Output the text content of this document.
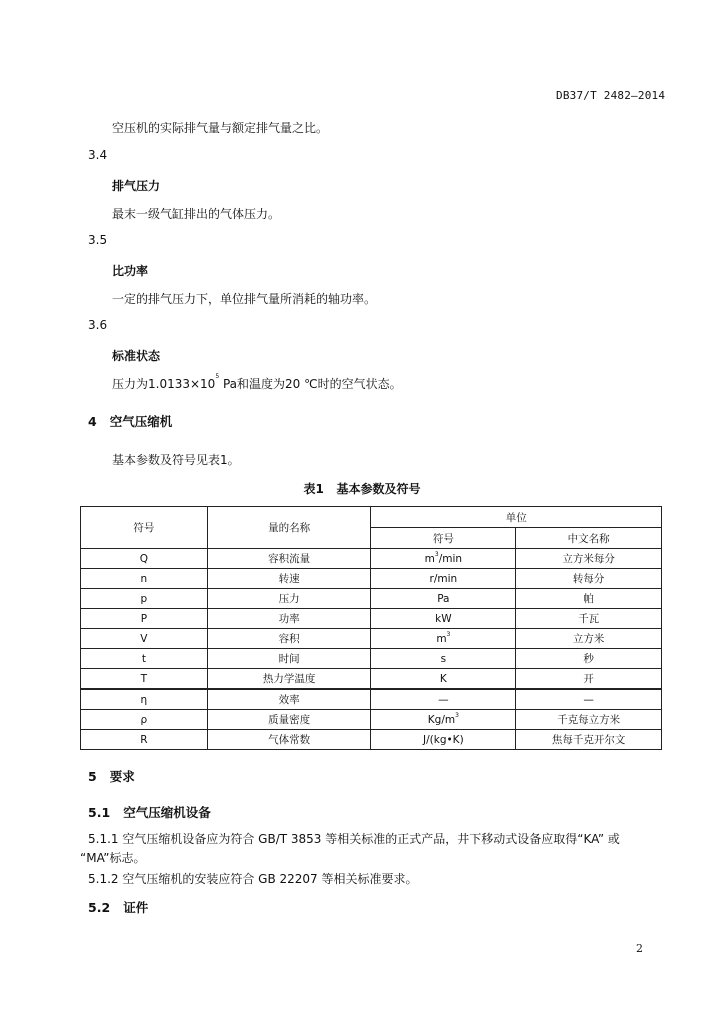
DB37/T 2482—2014
空压机的实际排气量与额定排气量之比。
3.4
排气压力
最末一级气缸排出的气体压力。
3.5
比功率
一定的排气压力下，单位排气量所消耗的轴功率。
3.6
标准状态
压力为$1.0133\times 10^5$ Pa和温度为20 ℃时的空气状态。
4 空气压缩机
基本参数及符号见表1。
表1 基本参数及符号
符号	量的名称	单位	
		符号	中文名称
Q	容积流量	$m^3/\min$	立方米每分
n	转速	r/min	转每分
p	压力	Pa	帕
P	功率	kW	千瓦
V	容积	$m^3$	立方米
t	时间	s	秒
T	热力学温度	K	开
η	效率	—	—
ρ	质量密度	$Kg/m^3$	千克每立方米
R	气体常数	J/(kg•K)	焦每千克开尔文
5 要求
5.1 空气压缩机设备
5.1.1 空气压缩机设备应为符合 GB/T 3853 等相关标准的正式产品，井下移动式设备应取得“KA” 或
“MA”标志。
5.1.2 空气压缩机的安装应符合 GB 22207 等相关标准要求。
5.2 证件
2
